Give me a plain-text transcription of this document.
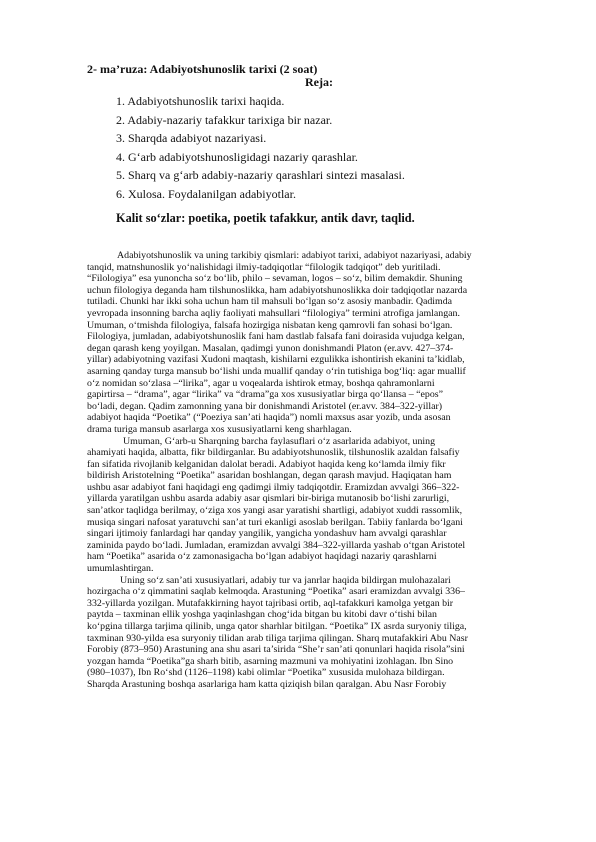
2- ma’ruza: Adabiyotshunoslik tarixi (2 soat)
Reja:
1. Adabiyotshunoslik tarixi haqida.
2. Adabiy-nazariy tafakkur tarixiga bir nazar.
3. Sharqda adabiyot nazariyasi.
4. G‘arb adabiyotshunosligidagi nazariy qarashlar.
5. Sharq va g‘arb adabiy-nazariy qarashlari sintezi masalasi.
6. Xulosa. Foydalanilgan adabiyotlar.
Kalit so‘zlar: poetika, poetik tafakkur, antik davr, taqlid.

Adabiyotshunoslik va uning tarkibiy qismlari: adabiyot tarixi, adabiyot nazariyasi, adabiy
tanqid, matnshunoslik yo‘nalishidagi ilmiy-tadqiqotlar “filologik tadqiqot” deb yuritiladi.
“Filologiya” esa yunoncha so‘z bo‘lib, philo – sevaman, logos – so‘z, bilim demakdir. Shuning
uchun filologiya deganda ham tilshunoslikka, ham adabiyotshunoslikka doir tadqiqotlar nazarda
tutiladi. Chunki har ikki soha uchun ham til mahsuli bo‘lgan so‘z asosiy manbadir. Qadimda
yevropada insonning barcha aqliy faoliyati mahsullari “filologiya” termini atrofiga jamlangan.
Umuman, o‘tmishda filologiya, falsafa hozirgiga nisbatan keng qamrovli fan sohasi bo‘lgan.
Filologiya, jumladan, adabiyotshunoslik fani ham dastlab falsafa fani doirasida vujudga kelgan,
degan qarash keng yoyilgan. Masalan, qadimgi yunon donishmandi Platon (er.avv. 427–374-
yillar) adabiyotning vazifasi Xudoni maqtash, kishilarni ezgulikka ishontirish ekanini ta’kidlab,
asarning qanday turga mansub bo‘lishi unda muallif qanday o‘rin tutishiga bog‘liq: agar muallif
o‘z nomidan so‘zlasa –“lirika”, agar u voqealarda ishtirok etmay, boshqa qahramonlarni
gapirtirsa – “drama”, agar “lirika” va “drama”ga xos xususiyatlar birga qo‘llansa – “epos”
bo‘ladi, degan. Qadim zamonning yana bir donishmandi Aristotel (er.avv. 384–322-yillar)
adabiyot haqida “Poetika” (“Poeziya san’ati haqida”) nomli maxsus asar yozib, unda asosan
drama turiga mansub asarlarga xos xususiyatlarni keng sharhlagan.

Umuman, G‘arb-u Sharqning barcha faylasuflari o‘z asarlarida adabiyot, uning
ahamiyati haqida, albatta, fikr bildirganlar. Bu adabiyotshunoslik, tilshunoslik azaldan falsafiy
fan sifatida rivojlanib kelganidan dalolat beradi. Adabiyot haqida keng ko‘lamda ilmiy fikr
bildirish Aristotelning “Poetika” asaridan boshlangan, degan qarash mavjud. Haqiqatan ham
ushbu asar adabiyot fani haqidagi eng qadimgi ilmiy tadqiqotdir. Eramizdan avvalgi 366–322-
yillarda yaratilgan ushbu asarda adabiy asar qismlari bir-biriga mutanosib bo‘lishi zarurligi,
san’atkor taqlidga berilmay, o‘ziga xos yangi asar yaratishi shartligi, adabiyot xuddi rassomlik,
musiqa singari nafosat yaratuvchi san’at turi ekanligi asoslab berilgan. Tabiiy fanlarda bo‘lgani
singari ijtimoiy fanlardagi har qanday yangilik, yangicha yondashuv ham avvalgi qarashlar
zaminida paydo bo‘ladi. Jumladan, eramizdan avvalgi 384–322-yillarda yashab o‘tgan Aristotel
ham “Poetika” asarida o‘z zamonasigacha bo‘lgan adabiyot haqidagi nazariy qarashlarni
umumlashtirgan.

Uning so‘z san’ati xususiyatlari, adabiy tur va janrlar haqida bildirgan mulohazalari
hozirgacha o‘z qimmatini saqlab kelmoqda. Arastuning “Poetika” asari eramizdan avvalgi 336–
332-yillarda yozilgan. Mutafakkirning hayot tajribasi ortib, aql-tafakkuri kamolga yetgan bir
paytda – taxminan ellik yoshga yaqinlashgan chog‘ida bitgan bu kitobi davr o‘tishi bilan
ko‘pgina tillarga tarjima qilinib, unga qator sharhlar bitilgan. “Poetika” IX asrda suryoniy tiliga,
taxminan 930-yilda esa suryoniy tilidan arab tiliga tarjima qilingan. Sharq mutafakkiri Abu Nasr
Forobiy (873–950) Arastuning ana shu asari ta’sirida “She’r san’ati qonunlari haqida risola”sini
yozgan hamda “Poetika”ga sharh bitib, asarning mazmuni va mohiyatini izohlagan. Ibn Sino
(980–1037), Ibn Ro‘shd (1126–1198) kabi olimlar “Poetika” xususida mulohaza bildirgan.
Sharqda Arastuning boshqa asarlariga ham katta qiziqish bilan qaralgan. Abu Nasr Forobiy
